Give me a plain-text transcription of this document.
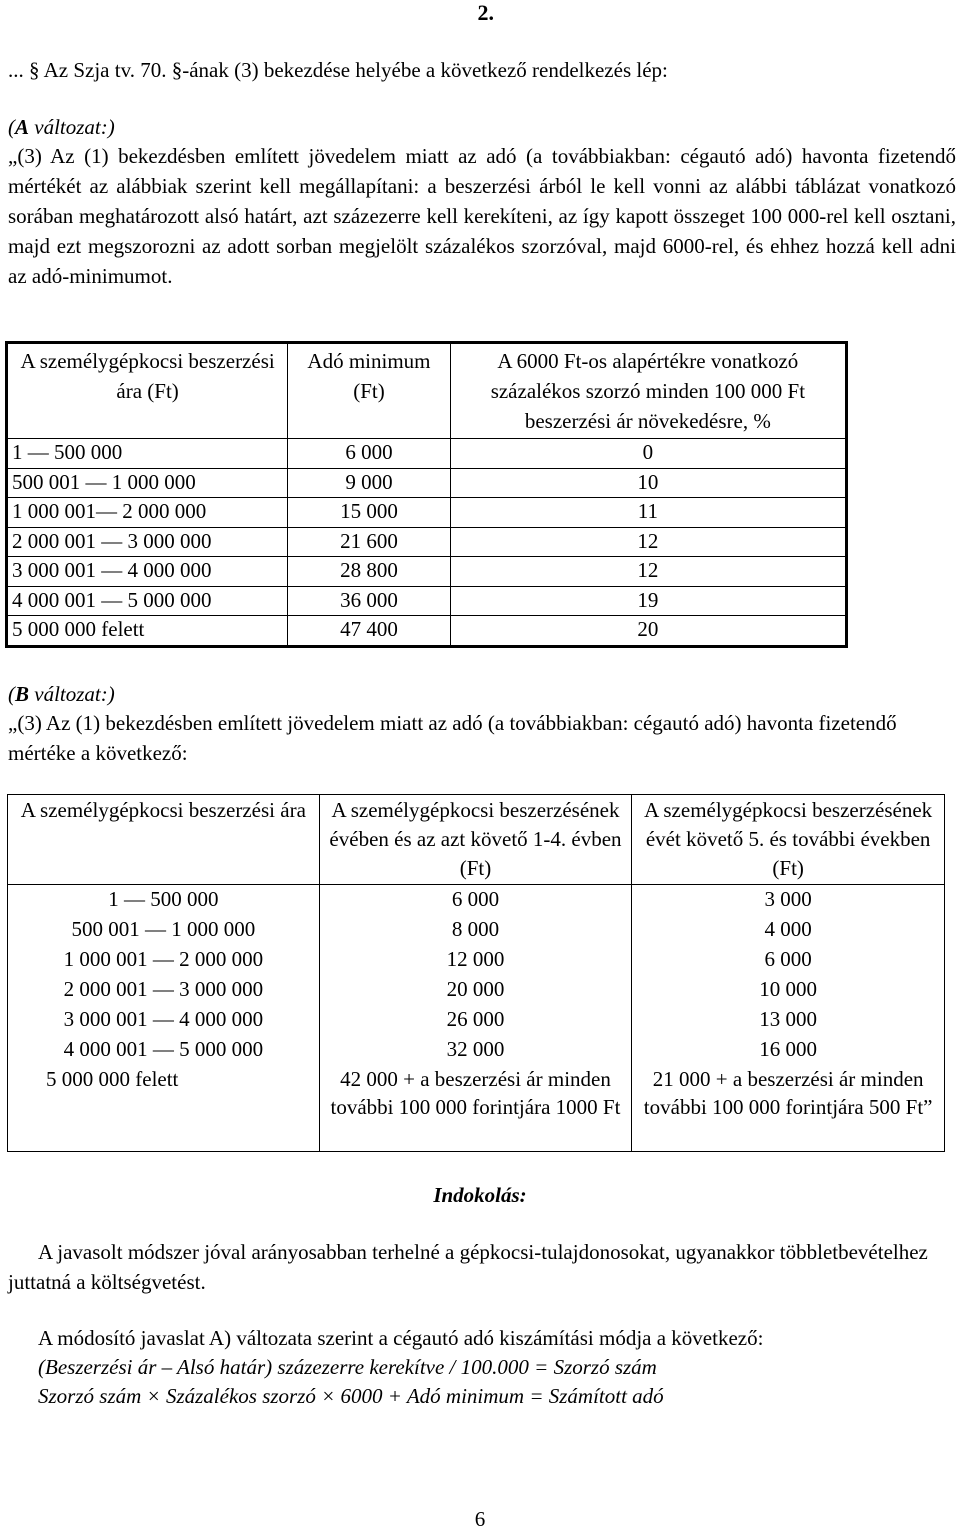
2.
... § Az Szja tv. 70. §-ának (3) bekezdése helyébe a következő rendelkezés lép:
(A változat:)
„(3) Az (1) bekezdésben említett jövedelem miatt az adó (a továbbiakban: cégautó adó) havonta fizetendő mértékét az alábbiak szerint kell megállapítani: a beszerzési árból le kell vonni az alábbi táblázat vonatkozó sorában meghatározott alsó határt, azt százezerre kell kerekíteni, az így kapott összeget 100 000-rel kell osztani, majd ezt megszorozni az adott sorban megjelölt százalékos szorzóval, majd 6000-rel, és ehhez hozzá kell adni az adó-minimumot.
A személygépkocsi beszerzési ára (Ft)	Adó minimum (Ft)	A 6000 Ft-os alapértékre vonatkozó százalékos szorzó minden 100 000 Ft beszerzési ár növekedésre, %
1 — 500 000	6 000	0
500 001 — 1 000 000	9 000	10
1 000 001— 2 000 000	15 000	11
2 000 001 — 3 000 000	21 600	12
3 000 001 — 4 000 000	28 800	12
4 000 001 — 5 000 000	36 000	19
5 000 000 felett	47 400	20
(B változat:)
„(3) Az (1) bekezdésben említett jövedelem miatt az adó (a továbbiakban: cégautó adó) havonta fizetendő mértéke a következő:
A személygépkocsi beszerzési ára	A személygépkocsi beszerzésének évében és az azt követő 1-4. évben (Ft)	A személygépkocsi beszerzésének évét követő 5. és további években (Ft)
1 — 500 000	6 000	3 000
500 001 — 1 000 000	8 000	4 000
1 000 001 — 2 000 000	12 000	6 000
2 000 001 — 3 000 000	20 000	10 000
3 000 001 — 4 000 000	26 000	13 000
4 000 001 — 5 000 000	32 000	16 000
5 000 000 felett	42 000 + a beszerzési ár minden további 100 000 forintjára 1000 Ft	21 000 + a beszerzési ár minden további 100 000 forintjára 500 Ft”
Indokolás:
A javasolt módszer jóval arányosabban terhelné a gépkocsi-tulajdonosokat, ugyanakkor többletbevételhez juttatná a költségvetést.
A módosító javaslat A) változata szerint a cégautó adó kiszámítási módja a következő:
(Beszerzési ár – Alsó határ) százezerre kerekítve / 100.000 = Szorzó szám
Szorzó szám × Százalékos szorzó × 6000 + Adó minimum = Számított adó
6
